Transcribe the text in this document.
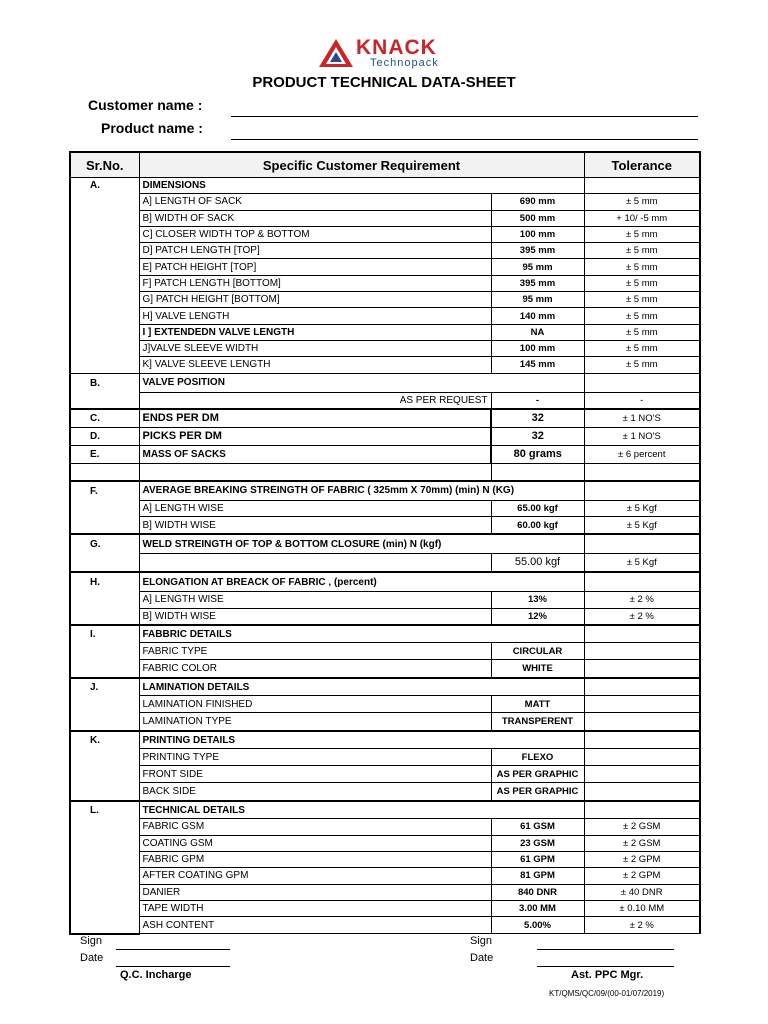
KNACK
Technopack
PRODUCT TECHNICAL DATA-SHEET
Customer name :
Product name :
Sr.No.	Specific Customer Requirement		Tolerance
A.	DIMENSIONS		
	A] LENGTH OF SACK	690 mm	± 5 mm
	B] WIDTH OF SACK	500 mm	+ 10/ -5 mm
	C] CLOSER WIDTH TOP & BOTTOM	100 mm	± 5 mm
	D] PATCH LENGTH [TOP]	395 mm	± 5 mm
	E] PATCH HEIGHT [TOP]	95 mm	± 5 mm
	F] PATCH LENGTH [BOTTOM]	395 mm	± 5 mm
	G] PATCH HEIGHT [BOTTOM]	95 mm	± 5 mm
	H] VALVE LENGTH	140 mm	± 5 mm
	I ] EXTENDEDN VALVE LENGTH	NA	± 5 mm
	J]VALVE SLEEVE WIDTH	100 mm	± 5 mm
	K] VALVE SLEEVE LENGTH	145 mm	± 5 mm
B.	VALVE POSITION		
	AS PER REQUEST	-	-
C.	ENDS PER DM	32	± 1 NO'S
D.	PICKS PER DM	32	± 1 NO'S
E.	MASS OF SACKS	80 grams	± 6 percent

F.	AVERAGE BREAKING STREINGTH OF FABRIC ( 325mm X 70mm) (min) N (KG)		
	A] LENGTH WISE	65.00 kgf	± 5 Kgf
	B] WIDTH WISE	60.00 kgf	± 5 Kgf
G.	WELD STREINGTH OF TOP & BOTTOM CLOSURE (min) N (kgf)		
		55.00 kgf	± 5 Kgf
H.	ELONGATION AT BREACK OF FABRIC , (percent)		
	A] LENGTH WISE	13%	± 2 %
	B] WIDTH WISE	12%	± 2 %
I.	FABBRIC DETAILS		
	FABRIC TYPE	CIRCULAR	
	FABRIC COLOR	WHITE	
J.	LAMINATION DETAILS		
	LAMINATION FINISHED	MATT	
	LAMINATION TYPE	TRANSPERENT	
K.	PRINTING DETAILS		
	PRINTING TYPE	FLEXO	
	FRONT SIDE	AS PER GRAPHIC	
	BACK SIDE	AS PER GRAPHIC	
L.	TECHNICAL DETAILS		
	FABRIC GSM	61 GSM	± 2 GSM
	COATING GSM	23 GSM	± 2 GSM
	FABRIC GPM	61 GPM	± 2 GPM
	AFTER COATING GPM	81 GPM	± 2 GPM
	DANIER	840 DNR	± 40 DNR
	TAPE WIDTH	3.00 MM	± 0.10 MM
	ASH CONTENT	5.00%	± 2 %
Sign
Date
Q.C. Incharge
Sign
Date
Ast. PPC Mgr.
KT/QMS/QC/09/(00-01/07/2019)
